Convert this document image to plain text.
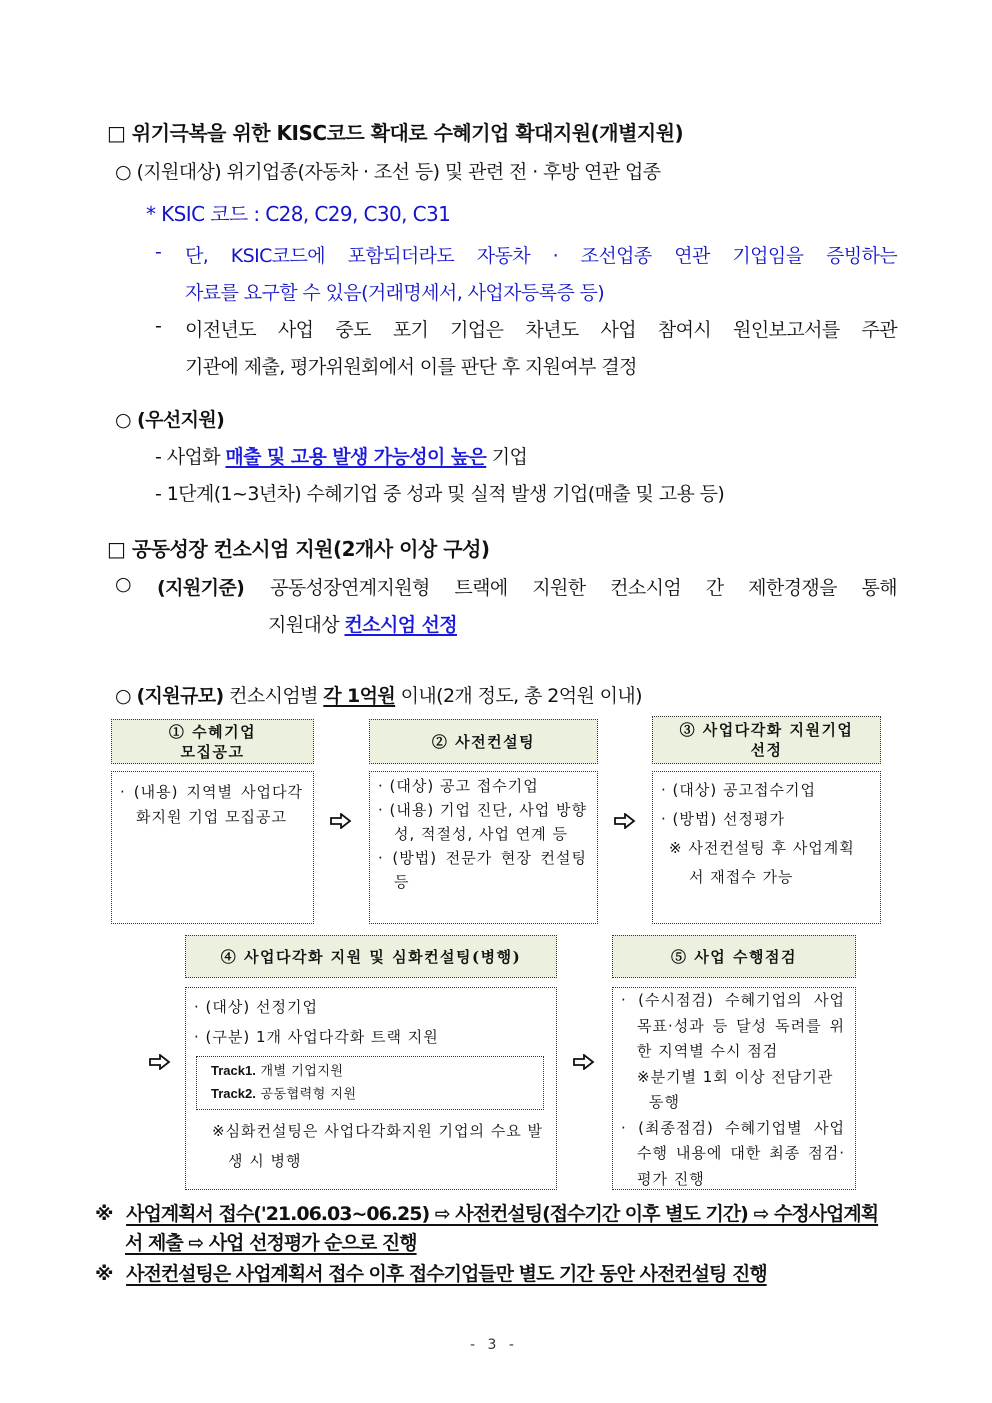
□ 위기극복을 위한 KISC코드 확대로 수혜기업 확대지원(개별지원)
○ (지원대상) 위기업종(자동차 · 조선 등) 및 관련 전 · 후방 연관 업종
* KSIC 코드 : C28, C29, C30, C31
- 단, KSIC코드에 포함되더라도 자동차 · 조선업종 연관 기업임을 증빙하는
자료를 요구할 수 있음(거래명세서, 사업자등록증 등)
- 이전년도 사업 중도 포기 기업은 차년도 사업 참여시 원인보고서를 주관
기관에 제출, 평가위원회에서 이를 판단 후 지원여부 결정
○ (우선지원)
- 사업화 매출 및 고용 발생 가능성이 높은 기업
- 1단계(1~3년차) 수혜기업 중 성과 및 실적 발생 기업(매출 및 고용 등)
□ 공동성장 컨소시엄 지원(2개사 이상 구성)
○ (지원기준) 공동성장연계지원형 트랙에 지원한 컨소시엄 간 제한경쟁을 통해
지원대상 컨소시엄 선정
○ (지원규모) 컨소시엄별 각 1억원 이내(2개 정도, 총 2억원 이내)
① 수혜기업
모집공고
· (내용) 지역별 사업다각화지원 기업 모집공고
② 사전컨설팅
· (대상) 공고 접수기업
· (내용) 기업 진단, 사업 방향성, 적절성, 사업 연계 등
· (방법) 전문가 현장 컨설팅 등
③ 사업다각화 지원기업
선정
· (대상) 공고접수기업
· (방법) 선정평가
※ 사전컨설팅 후 사업계획서 재접수 가능
④ 사업다각화 지원 및 심화컨설팅(병행)
· (대상) 선정기업
· (구분) 1개 사업다각화 트랙 지원
Track1. 개별 기업지원
Track2. 공동협력형 지원
※심화컨설팅은 사업다각화지원 기업의 수요 발생 시 병행
⑤ 사업 수행점검
· (수시점검) 수혜기업의 사업 목표·성과 등 달성 독려를 위한 지역별 수시 점검
※분기별 1회 이상 전담기관 동행
· (최종점검) 수혜기업별 사업 수행 내용에 대한 최종 점검·평가 진행
※ 사업계획서 접수('21.06.03~06.25) ⇨ 사전컨설팅(접수기간 이후 별도 기간) ⇨ 수정사업계획
서 제출 ⇨ 사업 선정평가 순으로 진행
※ 사전컨설팅은 사업계획서 접수 이후 접수기업들만 별도 기간 동안 사전컨설팅 진행
- 3 -
